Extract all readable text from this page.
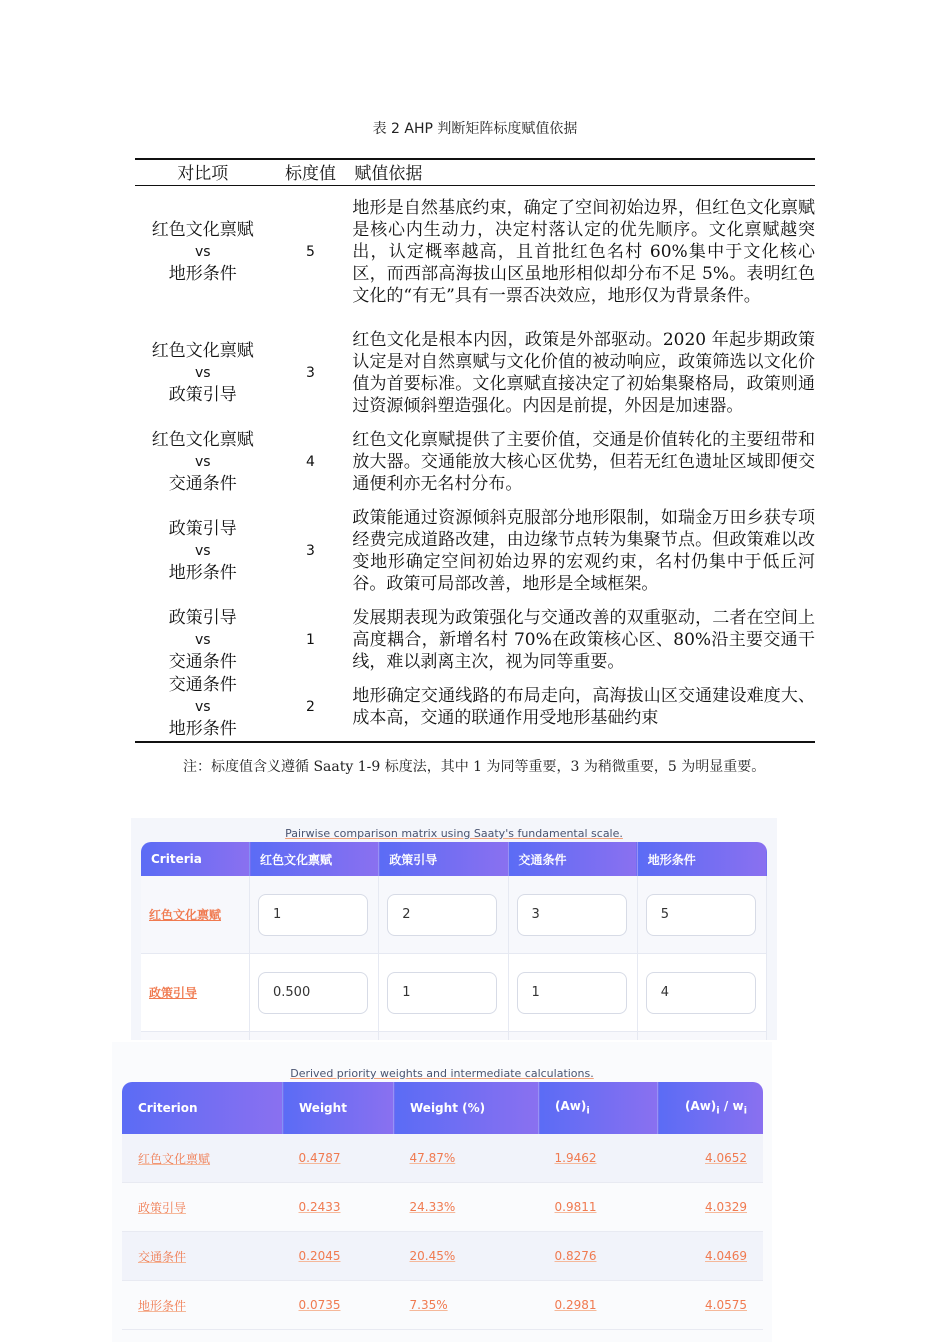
表 2 AHP 判断矩阵标度赋值依据
对比项	标度值	赋值依据

红色文化禀赋
vs
地形条件	5	地形是自然基底约束，确定了空间初始边界，但红色文化禀赋是核心内生动力，决定村落认定的优先顺序。文化禀赋越突出，认定概率越高，且首批红色名村 60%集中于文化核心区，而西部高海拔山区虽地形相似却分布不足 5%。表明红色文化的“有无”具有一票否决效应，地形仅为背景条件。

红色文化禀赋
vs
政策引导	3	红色文化是根本内因，政策是外部驱动。2020 年起步期政策认定是对自然禀赋与文化价值的被动响应，政策筛选以文化价值为首要标准。文化禀赋直接决定了初始集聚格局，政策则通过资源倾斜塑造强化。内因是前提，外因是加速器。

红色文化禀赋
vs
交通条件	4	红色文化禀赋提供了主要价值，交通是价值转化的主要纽带和放大器。交通能放大核心区优势，但若无红色遗址区域即便交通便利亦无名村分布。

政策引导
vs
地形条件	3	政策能通过资源倾斜克服部分地形限制，如瑞金万田乡获专项经费完成道路改建，由边缘节点转为集聚节点。但政策难以改变地形确定空间初始边界的宏观约束，名村仍集中于低丘河谷。政策可局部改善，地形是全域框架。

政策引导
vs
交通条件	1	发展期表现为政策强化与交通改善的双重驱动，二者在空间上高度耦合，新增名村 70%在政策核心区、80%沿主要交通干线，难以剥离主次，视为同等重要。

交通条件
vs
地形条件	2	地形确定交通线路的布局走向，高海拔山区交通建设难度大、成本高，交通的联通作用受地形基础约束
注：标度值含义遵循 Saaty 1-9 标度法，其中 1 为同等重要，3 为稍微重要，5 为明显重要。
Pairwise comparison matrix using Saaty's fundamental scale.
Criteria	红色文化禀赋	政策引导	交通条件	地形条件
红色文化禀赋	1	2	3	5

政策引导	0.500	1	1	4

Derived priority weights and intermediate calculations.
Criterion	Weight	Weight (%)	$(Aw)_i$	$(Aw)_i / w_i$
红色文化禀赋	0.4787	47.87%	1.9462	4.0652
政策引导	0.2433	24.33%	0.9811	4.0329
交通条件	0.2045	20.45%	0.8276	4.0469
地形条件	0.0735	7.35%	0.2981	4.0575
